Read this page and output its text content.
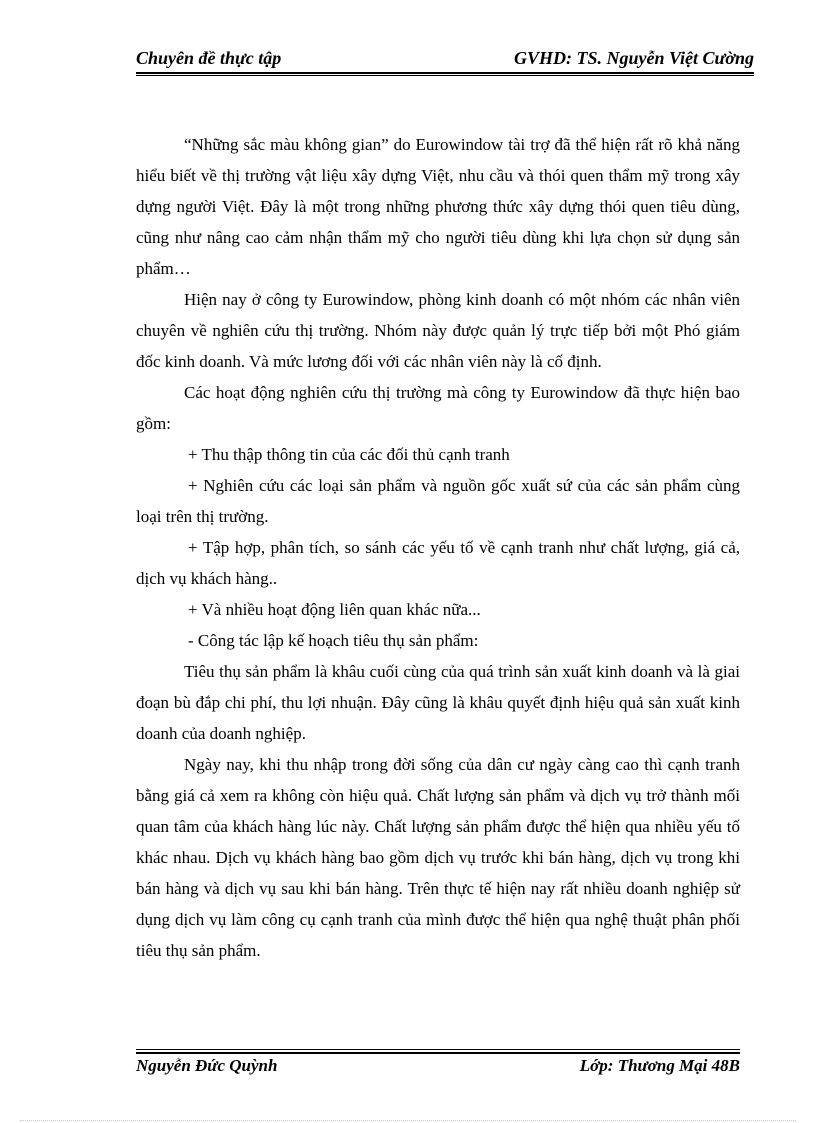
Chuyên đề thực tập	GVHD: TS. Nguyễn Việt Cường

“Những sắc màu không gian” do Eurowindow tài trợ đã thể hiện rất rõ khả năng hiểu biết về thị trường vật liệu xây dựng Việt, nhu cầu và thói quen thẩm mỹ trong xây dựng người Việt. Đây là một trong những phương thức xây dựng thói quen tiêu dùng, cũng như nâng cao cảm nhận thẩm mỹ cho người tiêu dùng khi lựa chọn sử dụng sản phẩm…

Hiện nay ở công ty Eurowindow, phòng kinh doanh có một nhóm các nhân viên chuyên về nghiên cứu thị trường. Nhóm này được quản lý trực tiếp bởi một Phó giám đốc kinh doanh. Và mức lương đối với các nhân viên này là cố định.

Các hoạt động nghiên cứu thị trường mà công ty Eurowindow đã thực hiện bao gồm:

+ Thu thập thông tin của các đối thủ cạnh tranh

+ Nghiên cứu các loại sản phẩm và nguồn gốc xuất sứ của các sản phẩm cùng loại trên thị trường.

+ Tập hợp, phân tích, so sánh các yếu tố về cạnh tranh như chất lượng, giá cả, dịch vụ khách hàng..

+ Và nhiều hoạt động liên quan khác nữa...

- Công tác lập kế hoạch tiêu thụ sản phẩm:

Tiêu thụ sản phẩm là khâu cuối cùng của quá trình sản xuất kinh doanh và là giai đoạn bù đắp chi phí, thu lợi nhuận. Đây cũng là khâu quyết định hiệu quả sản xuất kinh doanh của doanh nghiệp.

Ngày nay, khi thu nhập trong đời sống của dân cư ngày càng cao thì cạnh tranh bằng giá cả xem ra không còn hiệu quả. Chất lượng sản phẩm và dịch vụ trở thành mối quan tâm của khách hàng lúc này. Chất lượng sản phẩm được thể hiện qua nhiều yếu tố khác nhau. Dịch vụ khách hàng bao gồm dịch vụ trước khi bán hàng, dịch vụ trong khi bán hàng và dịch vụ sau khi bán hàng. Trên thực tế hiện nay rất nhiều doanh nghiệp sử dụng dịch vụ làm công cụ cạnh tranh của mình được thể hiện qua nghệ thuật phân phối tiêu thụ sản phẩm.

Nguyễn Đức Quỳnh	Lớp: Thương Mại 48B
